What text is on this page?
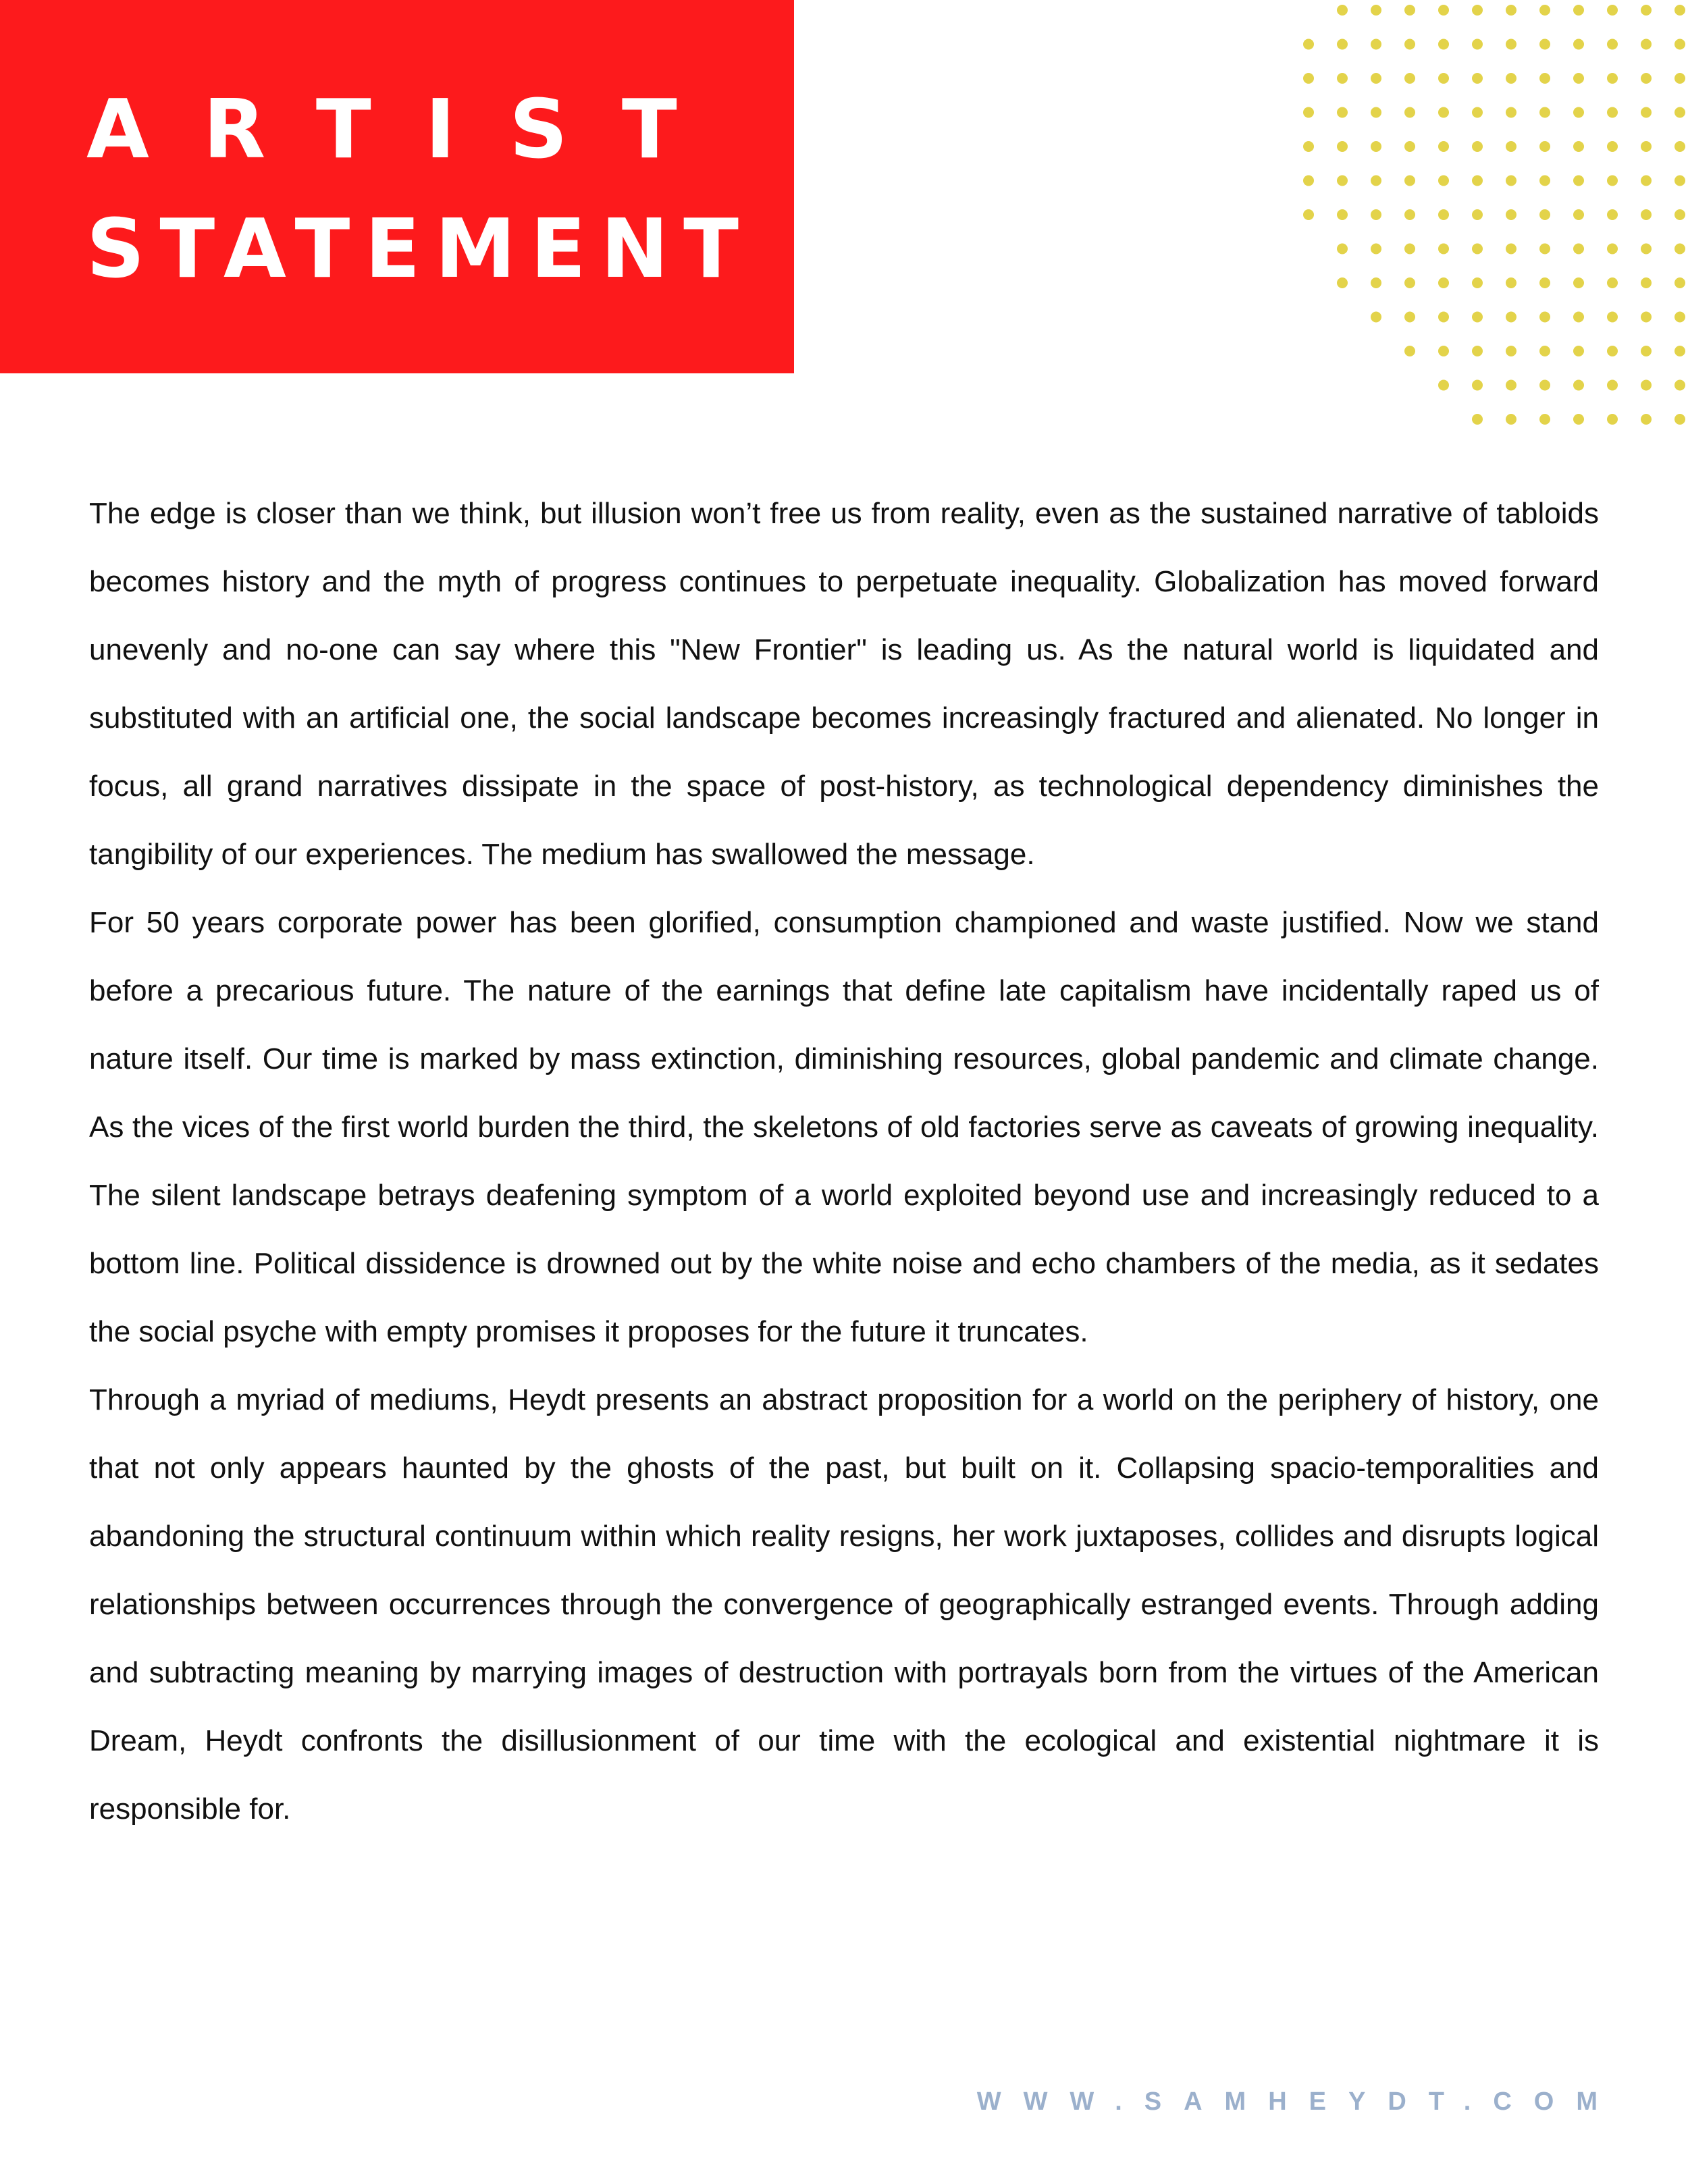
ARTIST
STATEMENT

The edge is closer than we think, but illusion won’t free us from reality, even as the sustained narrative of tabloids becomes history and the myth of progress continues to perpetuate inequality. Globalization has moved forward unevenly and no-one can say where this "New Frontier" is leading us. As the natural world is liquidated and substituted with an artificial one, the social landscape becomes increasingly fractured and alienated. No longer in focus, all grand narratives dissipate in the space of post-history, as technological dependency diminishes the tangibility of our experiences. The medium has swallowed the message.

For 50 years corporate power has been glorified, consumption championed and waste justified. Now we stand before a precarious future. The nature of the earnings that define late capitalism have incidentally raped us of nature itself. Our time is marked by mass extinction, diminishing resources, global pandemic and climate change. As the vices of the first world burden the third, the skeletons of old factories serve as caveats of growing inequality. The silent landscape betrays deafening symptom of a world exploited beyond use and increasingly reduced to a bottom line. Political dissidence is drowned out by the white noise and echo chambers of the media, as it sedates the social psyche with empty promises it proposes for the future it truncates.

Through a myriad of mediums, Heydt presents an abstract proposition for a world on the periphery of history, one that not only appears haunted by the ghosts of the past, but built on it. Collapsing spacio-temporalities and abandoning the structural continuum within which reality resigns, her work juxtaposes, collides and disrupts logical relationships between occurrences through the convergence of geographically estranged events. Through adding and subtracting meaning by marrying images of destruction with portrayals born from the virtues of the American Dream, Heydt confronts the disillusionment of our time with the ecological and existential nightmare it is responsible for.

WWW.SAMHEYDT.COM
